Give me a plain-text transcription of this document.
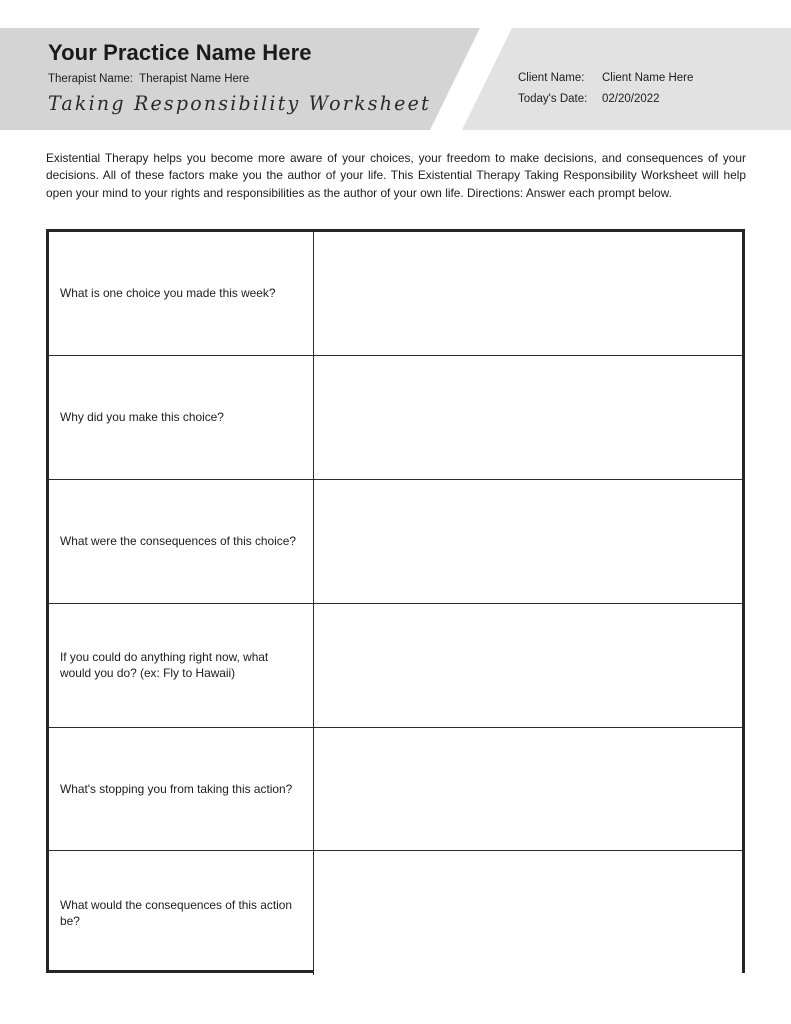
Your Practice Name Here
Therapist Name:  Therapist Name Here
Taking Responsibility Worksheet
Client Name:	Client Name Here
Today's Date:	02/20/2022

Existential Therapy helps you become more aware of your choices, your freedom to make decisions, and consequences of your decisions. All of these factors make you the author of your life. This Existential Therapy Taking Responsibility Worksheet will help open your mind to your rights and responsibilities as the author of your own life. Directions: Answer each prompt below.

What is one choice you made this week?	
Why did you make this choice?	
What were the consequences of this choice?	
If you could do anything right now, what would you do? (ex: Fly to Hawaii)	
What's stopping you from taking this action?	
What would the consequences of this action be?	
